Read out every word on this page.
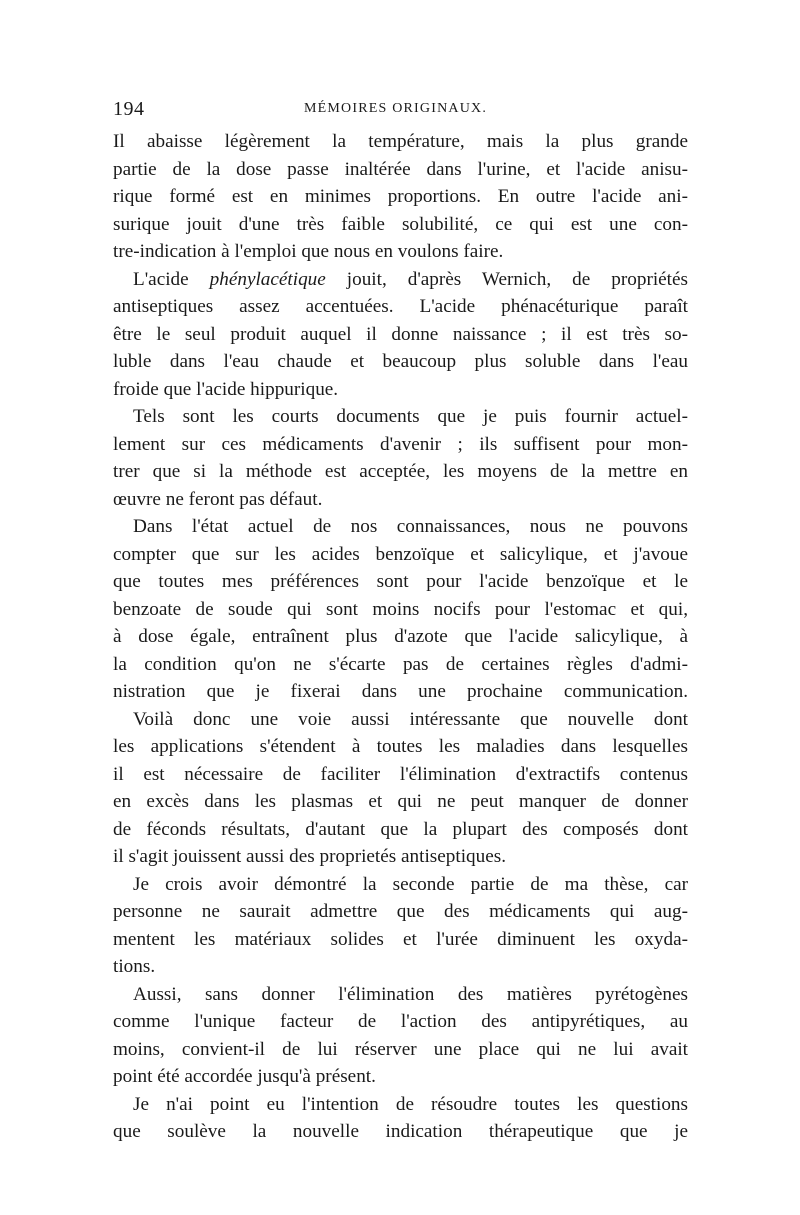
194	MÉMOIRES ORIGINAUX.
Il abaisse légèrement la température, mais la plus grande
partie de la dose passe inaltérée dans l'urine, et l'acide anisu-
rique formé est en minimes proportions. En outre l'acide ani-
surique jouit d'une très faible solubilité, ce qui est une con-
tre-indication à l'emploi que nous en voulons faire.
L'acide phénylacétique jouit, d'après Wernich, de propriétés
antiseptiques assez accentuées. L'acide phénacéturique paraît
être le seul produit auquel il donne naissance ; il est très so-
luble dans l'eau chaude et beaucoup plus soluble dans l'eau
froide que l'acide hippurique.
Tels sont les courts documents que je puis fournir actuel-
lement sur ces médicaments d'avenir ; ils suffisent pour mon-
trer que si la méthode est acceptée, les moyens de la mettre en
œuvre ne feront pas défaut.
Dans l'état actuel de nos connaissances, nous ne pouvons
compter que sur les acides benzoïque et salicylique, et j'avoue
que toutes mes préférences sont pour l'acide benzoïque et le
benzoate de soude qui sont moins nocifs pour l'estomac et qui,
à dose égale, entraînent plus d'azote que l'acide salicylique, à
la condition qu'on ne s'écarte pas de certaines règles d'admi-
nistration que je fixerai dans une prochaine communication.
Voilà donc une voie aussi intéressante que nouvelle dont
les applications s'étendent à toutes les maladies dans lesquelles
il est nécessaire de faciliter l'élimination d'extractifs contenus
en excès dans les plasmas et qui ne peut manquer de donner
de féconds résultats, d'autant que la plupart des composés dont
il s'agit jouissent aussi des proprietés antiseptiques.
Je crois avoir démontré la seconde partie de ma thèse, car
personne ne saurait admettre que des médicaments qui aug-
mentent les matériaux solides et l'urée diminuent les oxyda-
tions.
Aussi, sans donner l'élimination des matières pyrétogènes
comme l'unique facteur de l'action des antipyrétiques, au
moins, convient-il de lui réserver une place qui ne lui avait
point été accordée jusqu'à présent.
Je n'ai point eu l'intention de résoudre toutes les questions
que soulève la nouvelle indication thérapeutique que je
